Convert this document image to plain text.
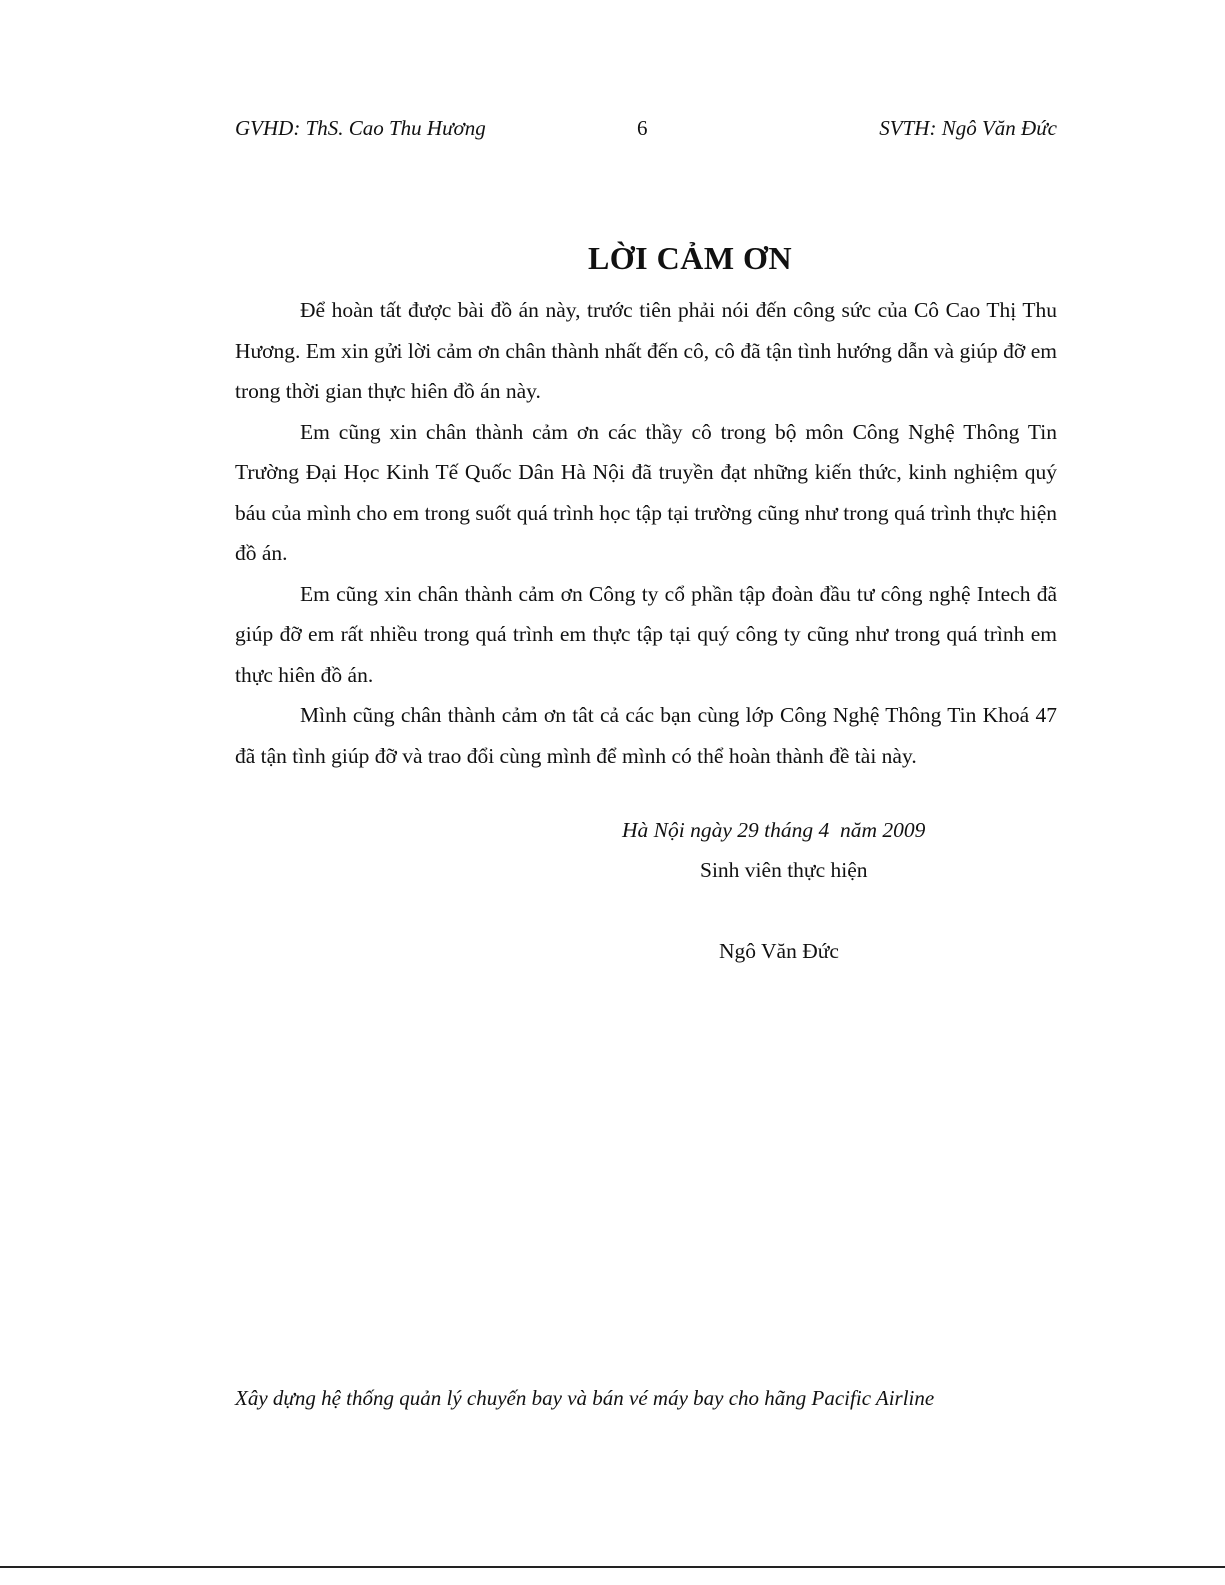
GVHD: ThS. Cao Thu Hương	6	SVTH: Ngô Văn Đức
LỜI CẢM ƠN

Để hoàn tất được bài đồ án này, trước tiên phải nói đến công sức của Cô Cao Thị Thu Hương. Em xin gửi lời cảm ơn chân thành nhất đến cô, cô đã tận tình hướng dẫn và giúp đỡ em trong thời gian thực hiên đồ án này.

Em cũng xin chân thành cảm ơn các thầy cô trong bộ môn Công Nghệ Thông Tin Trường Đại Học Kinh Tế Quốc Dân Hà Nội đã truyền đạt những kiến thức, kinh nghiệm quý báu của mình cho em trong suốt quá trình học tập tại trường cũng như trong quá trình thực hiện đồ án.

Em cũng xin chân thành cảm ơn Công ty cổ phần tập đoàn đầu tư công nghệ Intech đã giúp đỡ em rất nhiều trong quá trình em thực tập tại quý công ty cũng như trong quá trình em thực hiên đồ án.

Mình cũng chân thành cảm ơn tât cả các bạn cùng lớp Công Nghệ Thông Tin Khoá 47 đã tận tình giúp đỡ và trao đổi cùng mình để mình có thể hoàn thành đề tài này.

Hà Nội ngày 29 tháng 4  năm 2009
Sinh viên thực hiện
Ngô Văn Đức
Xây dựng hệ thống quản lý chuyến bay và bán vé máy bay cho hãng Pacific Airline
